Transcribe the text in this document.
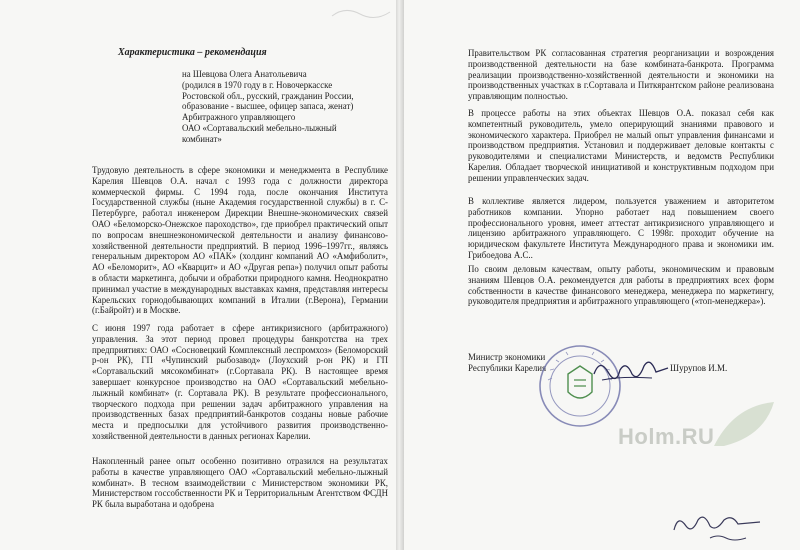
Характеристика – рекомендация
на Шевцова Олега Анатольевича
(родился в 1970 году в г. Новочеркасске
Ростовской обл., русский, гражданин России,
образование - высшее, офицер запаса, женат)
Арбитражного управляющего
ОАО «Сортавальский мебельно-лыжный
комбинат»
Трудовую деятельность в сфере экономики и менеджмента в Республике Карелия Шевцов О.А. начал с 1993 года с должности директора коммерческой фирмы. С 1994 года, после окончания Института Государственной службы (ныне Академия государственной службы) в г. С-Петербурге, работал инженером Дирекции Внешне-экономических связей ОАО «Беломорско-Онежское пароходство», где приобрел практический опыт по вопросам внешнеэкономической деятельности и анализу финансово-хозяйственной деятельности предприятий. В период 1996–1997гг., являясь генеральным директором АО «ПАК» (холдинг компаний АО «Амфиболит», АО «Беломорит», АО «Кварцит» и АО «Другая репа») получил опыт работы в области маркетинга, добычи и обработки природного камня. Неоднократно принимал участие в международных выставках камня, представляя интересы Карельских горнодобывающих компаний в Италии (г.Верона), Германии (г.Байройт) и в Москве.
С июня 1997 года работает в сфере антикризисного (арбитражного) управления. За этот период провел процедуры банкротства на трех предприятиях: ОАО «Сосновецкий Комплексный леспромхоз» (Беломорский р-он РК), ГП «Чупинский рыбозавод» (Лоухский р-он РК) и ГП «Сортавальский мясокомбинат» (г.Сортавала РК). В настоящее время завершает конкурсное производство на ОАО «Сортавальский мебельно-лыжный комбинат» (г. Сортавала РК). В результате профессионального, творческого подхода при решении задач арбитражного управления на производственных базах предприятий-банкротов созданы новые рабочие места и предпосылки для устойчивого развития производственно-хозяйственной деятельности в данных регионах Карелии.
Накопленный ранее опыт особенно позитивно отразился на результатах работы в качестве управляющего ОАО «Сортавальский мебельно-лыжный комбинат». В тесном взаимодействии с Министерством экономики РК, Министерством госсобственности РК и Территориальным Агентством ФСДН РК была выработана и одобрена
Правительством РК согласованная стратегия реорганизации и возрождения производственной деятельности на базе комбината-банкрота. Программа реализации производственно-хозяйственной деятельности и экономики на производственных участках в г.Сортавала и Питкярантском районе реализована управляющим полностью.
В процессе работы на этих объектах Шевцов О.А. показал себя как компетентный руководитель, умело оперирующий знаниями правового и экономического характера. Приобрел не малый опыт управления финансами и производством предприятия. Установил и поддерживает деловые контакты с руководителями и специалистами Министерств, и ведомств Республики Карелия. Обладает творческой инициативой и конструктивным подходом при решении управленческих задач.
В коллективе является лидером, пользуется уважением и авторитетом работников компании. Упорно работает над повышением своего профессионального уровня, имеет аттестат антикризисного управляющего и лицензию арбитражного управляющего. С 1998г. проходит обучение на юридическом факультете Института Международного права и экономики им. Грибоедова А.С..
По своим деловым качествам, опыту работы, экономическим и правовым знаниям Шевцов О.А. рекомендуется для работы в предприятиях всех форм собственности в качестве финансового менеджера, менеджера по маркетингу, руководителя предприятия и арбитражного управляющего («топ-менеджера»).
Министр экономики
Республики Карелия	Шурупов И.М.
Holm.RU
